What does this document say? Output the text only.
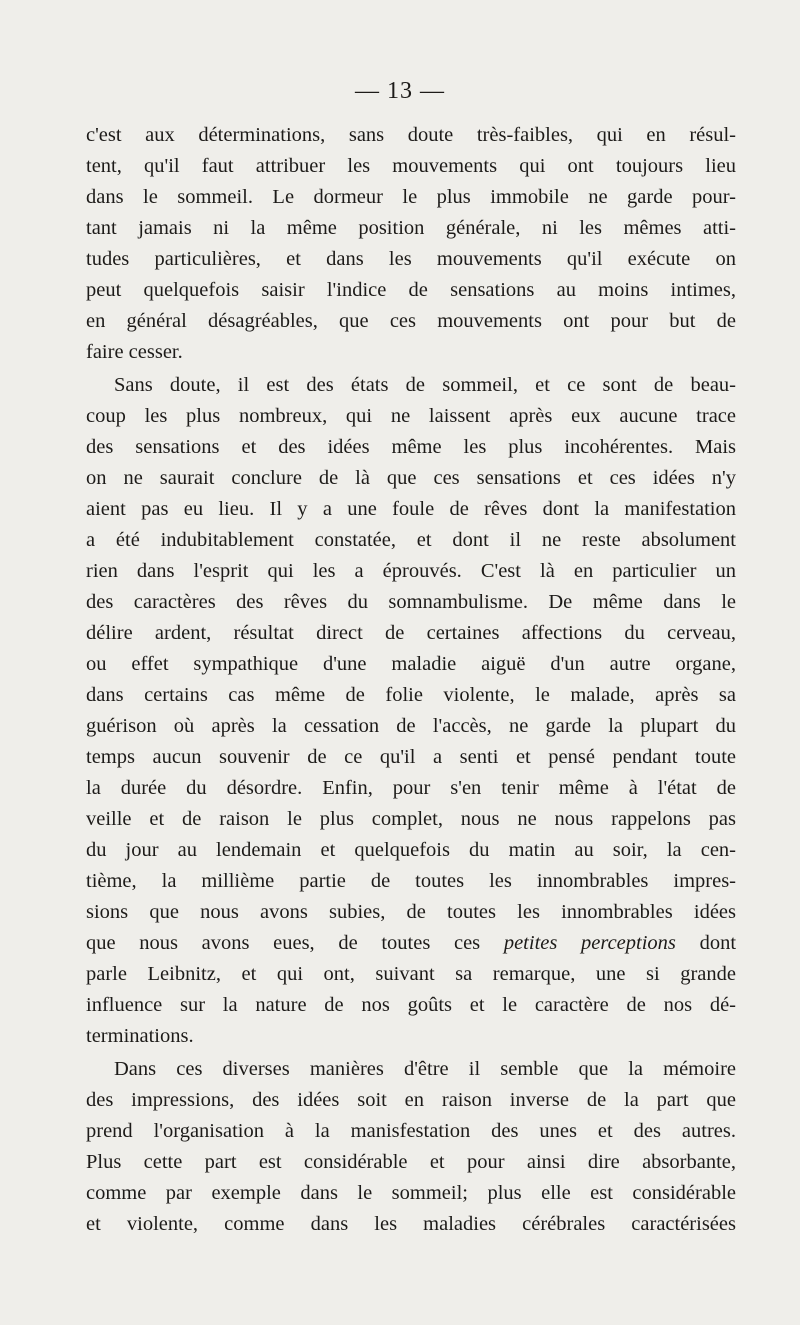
— 13 —
c'est aux déterminations, sans doute très-faibles, qui en résul-
tent, qu'il faut attribuer les mouvements qui ont toujours lieu
dans le sommeil. Le dormeur le plus immobile ne garde pour-
tant jamais ni la même position générale, ni les mêmes atti-
tudes particulières, et dans les mouvements qu'il exécute on
peut quelquefois saisir l'indice de sensations au moins intimes,
en général désagréables, que ces mouvements ont pour but de
faire cesser.
Sans doute, il est des états de sommeil, et ce sont de beau-
coup les plus nombreux, qui ne laissent après eux aucune trace
des sensations et des idées même les plus incohérentes. Mais
on ne saurait conclure de là que ces sensations et ces idées n'y
aient pas eu lieu. Il y a une foule de rêves dont la manifestation
a été indubitablement constatée, et dont il ne reste absolument
rien dans l'esprit qui les a éprouvés. C'est là en particulier un
des caractères des rêves du somnambulisme. De même dans le
délire ardent, résultat direct de certaines affections du cerveau,
ou effet sympathique d'une maladie aiguë d'un autre organe,
dans certains cas même de folie violente, le malade, après sa
guérison où après la cessation de l'accès, ne garde la plupart du
temps aucun souvenir de ce qu'il a senti et pensé pendant toute
la durée du désordre. Enfin, pour s'en tenir même à l'état de
veille et de raison le plus complet, nous ne nous rappelons pas
du jour au lendemain et quelquefois du matin au soir, la cen-
tième, la millième partie de toutes les innombrables impres-
sions que nous avons subies, de toutes les innombrables idées
que nous avons eues, de toutes ces petites perceptions dont
parle Leibnitz, et qui ont, suivant sa remarque, une si grande
influence sur la nature de nos goûts et le caractère de nos dé-
terminations.
Dans ces diverses manières d'être il semble que la mémoire
des impressions, des idées soit en raison inverse de la part que
prend l'organisation à la manisfestation des unes et des autres.
Plus cette part est considérable et pour ainsi dire absorbante,
comme par exemple dans le sommeil; plus elle est considérable
et violente, comme dans les maladies cérébrales caractérisées
